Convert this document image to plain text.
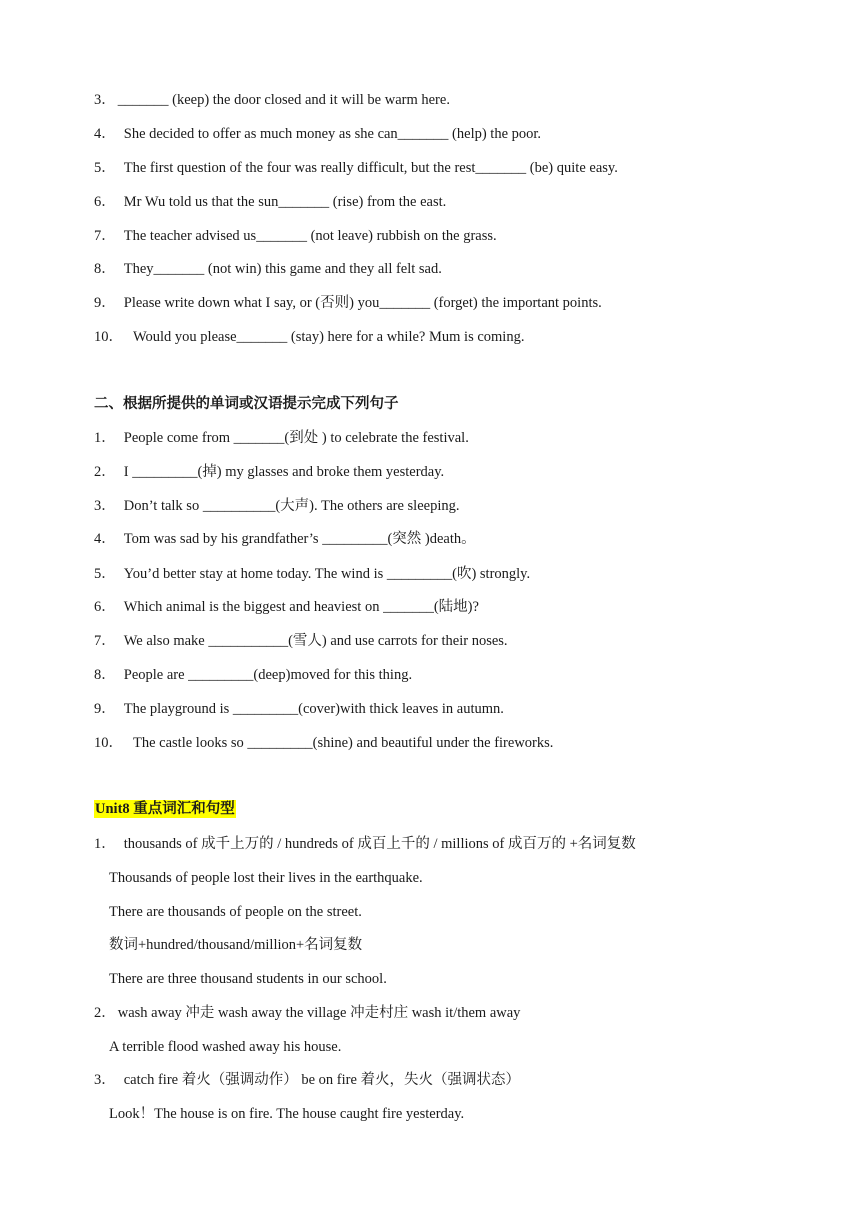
3． _______ (keep) the door closed and it will be warm here.
4． She decided to offer as much money as she can_______ (help) the poor.
5． The first question of the four was really difficult, but the rest_______ (be) quite easy.
6． Mr Wu told us that the sun_______ (rise) from the east.
7． The teacher advised us_______ (not leave) rubbish on the grass.
8． They_______ (not win) this game and they all felt sad.
9． Please write down what I say, or (否则) you_______ (forget) the important points.
10． Would you please_______ (stay) here for a while? Mum is coming.
二、根据所提供的单词或汉语提示完成下列句子
1． People come from _______(到处 ) to celebrate the festival.
2． I _________(掉) my glasses and broke them yesterday.
3． Don’t talk so __________(大声). The others are sleeping.
4． Tom was sad by his grandfather’s _________(突然 )death。
5． You’d better stay at home today. The wind is _________(吹) strongly.
6． Which animal is the biggest and heaviest on _______(陆地)?
7． We also make ___________(雪人) and use carrots for their noses.
8． People are _________(deep)moved for this thing.
9． The playground is _________(cover)with thick leaves in autumn.
10． The castle looks so _________(shine) and beautiful under the fireworks.
Unit8 重点词汇和句型
1． thousands of 成千上万的 / hundreds of 成百上千的 / millions of 成百万的 +名词复数
Thousands of people lost their lives in the earthquake.
There are thousands of people on the street.
数词+hundred/thousand/million+名词复数
There are three thousand students in our school.
2． wash away 冲走 wash away the village 冲走村庄 wash it/them away
A terrible flood washed away his house.
3． catch fire 着火（强调动作） be on fire 着火，失火（强调状态）
Look！The house is on fire. The house caught fire yesterday.
